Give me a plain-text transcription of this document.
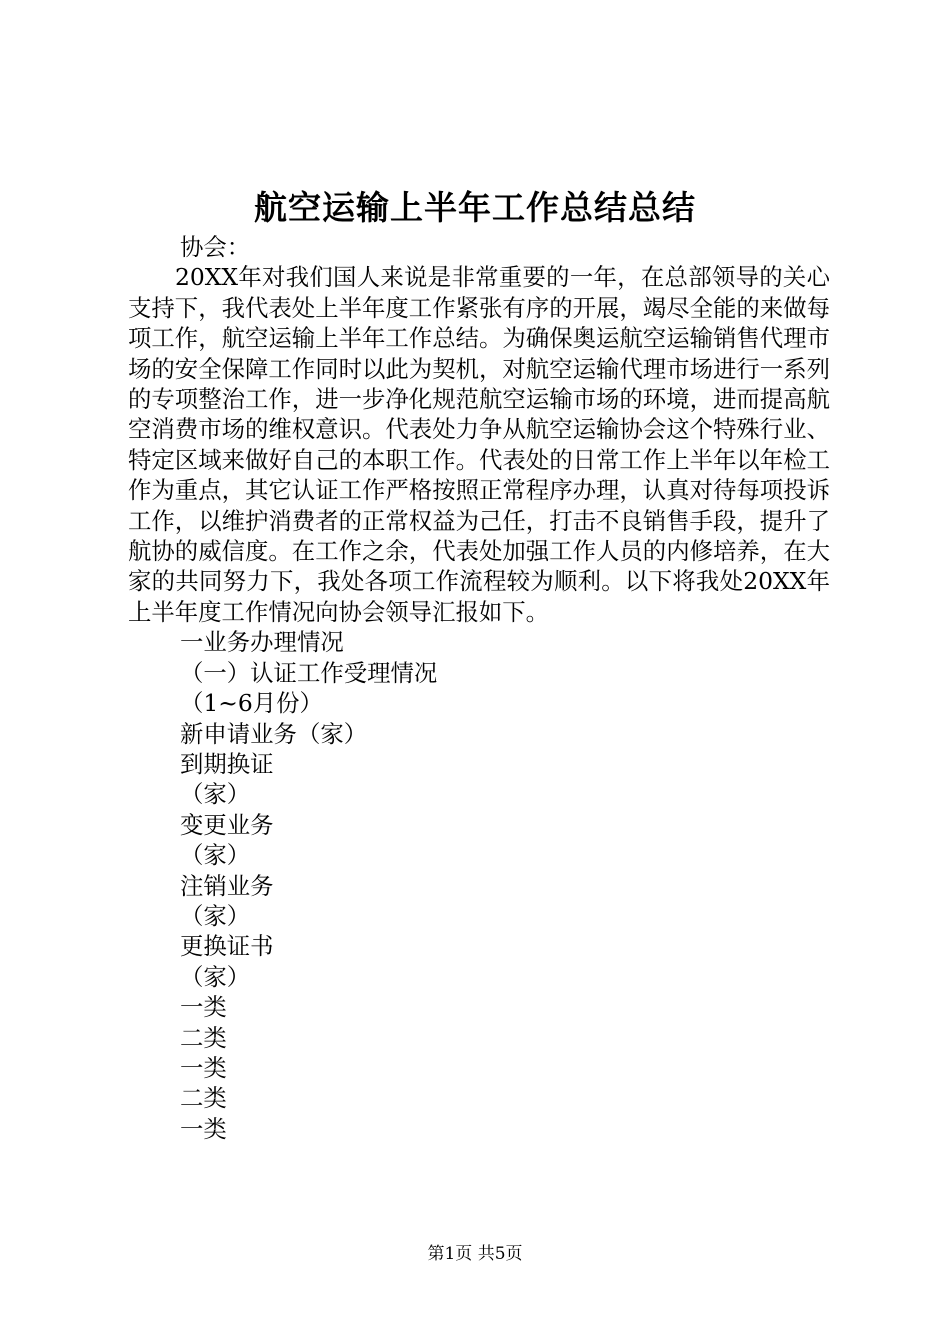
航空运输上半年工作总结总结
协会：
20XX年对我们国人来说是非常重要的一年，在总部领导的关心支持下，我代表处上半年度工作紧张有序的开展，竭尽全能的来做每项工作，航空运输上半年工作总结。为确保奥运航空运输销售代理市场的安全保障工作同时以此为契机，对航空运输代理市场进行一系列的专项整治工作，进一步净化规范航空运输市场的环境，进而提高航空消费市场的维权意识。代表处力争从航空运输协会这个特殊行业、特定区域来做好自己的本职工作。代表处的日常工作上半年以年检工作为重点，其它认证工作严格按照正常程序办理，认真对待每项投诉工作，以维护消费者的正常权益为己任，打击不良销售手段，提升了航协的威信度。在工作之余，代表处加强工作人员的内修培养，在大家的共同努力下，我处各项工作流程较为顺利。以下将我处20XX年上半年度工作情况向协会领导汇报如下。
一业务办理情况
（一）认证工作受理情况
（1~6月份）
新申请业务（家）
到期换证
（家）
变更业务
（家）
注销业务
（家）
更换证书
（家）
一类
二类
一类
二类
一类
第1页 共5页
